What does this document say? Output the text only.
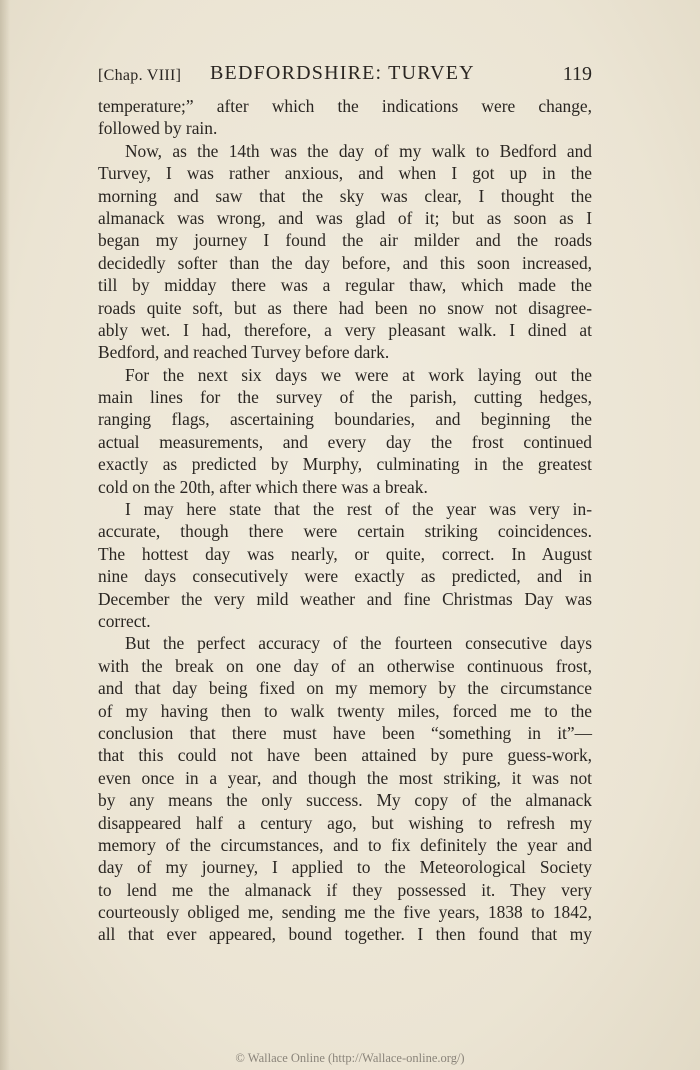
[Chap. VIII] BEDFORDSHIRE: TURVEY	119
temperature;” after which the indications were change,
followed by rain.
Now, as the 14th was the day of my walk to Bedford and
Turvey, I was rather anxious, and when I got up in the
morning and saw that the sky was clear, I thought the
almanack was wrong, and was glad of it; but as soon as I
began my journey I found the air milder and the roads
decidedly softer than the day before, and this soon increased,
till by midday there was a regular thaw, which made the
roads quite soft, but as there had been no snow not disagree-
ably wet. I had, therefore, a very pleasant walk. I dined at
Bedford, and reached Turvey before dark.
For the next six days we were at work laying out the
main lines for the survey of the parish, cutting hedges,
ranging flags, ascertaining boundaries, and beginning the
actual measurements, and every day the frost continued
exactly as predicted by Murphy, culminating in the greatest
cold on the 20th, after which there was a break.
I may here state that the rest of the year was very in-
accurate, though there were certain striking coincidences.
The hottest day was nearly, or quite, correct. In August
nine days consecutively were exactly as predicted, and in
December the very mild weather and fine Christmas Day was
correct.
But the perfect accuracy of the fourteen consecutive days
with the break on one day of an otherwise continuous frost,
and that day being fixed on my memory by the circumstance
of my having then to walk twenty miles, forced me to the
conclusion that there must have been “something in it”—
that this could not have been attained by pure guess-work,
even once in a year, and though the most striking, it was not
by any means the only success. My copy of the almanack
disappeared half a century ago, but wishing to refresh my
memory of the circumstances, and to fix definitely the year and
day of my journey, I applied to the Meteorological Society
to lend me the almanack if they possessed it. They very
courteously obliged me, sending me the five years, 1838 to 1842,
all that ever appeared, bound together. I then found that my
© Wallace Online (http://Wallace-online.org/)
